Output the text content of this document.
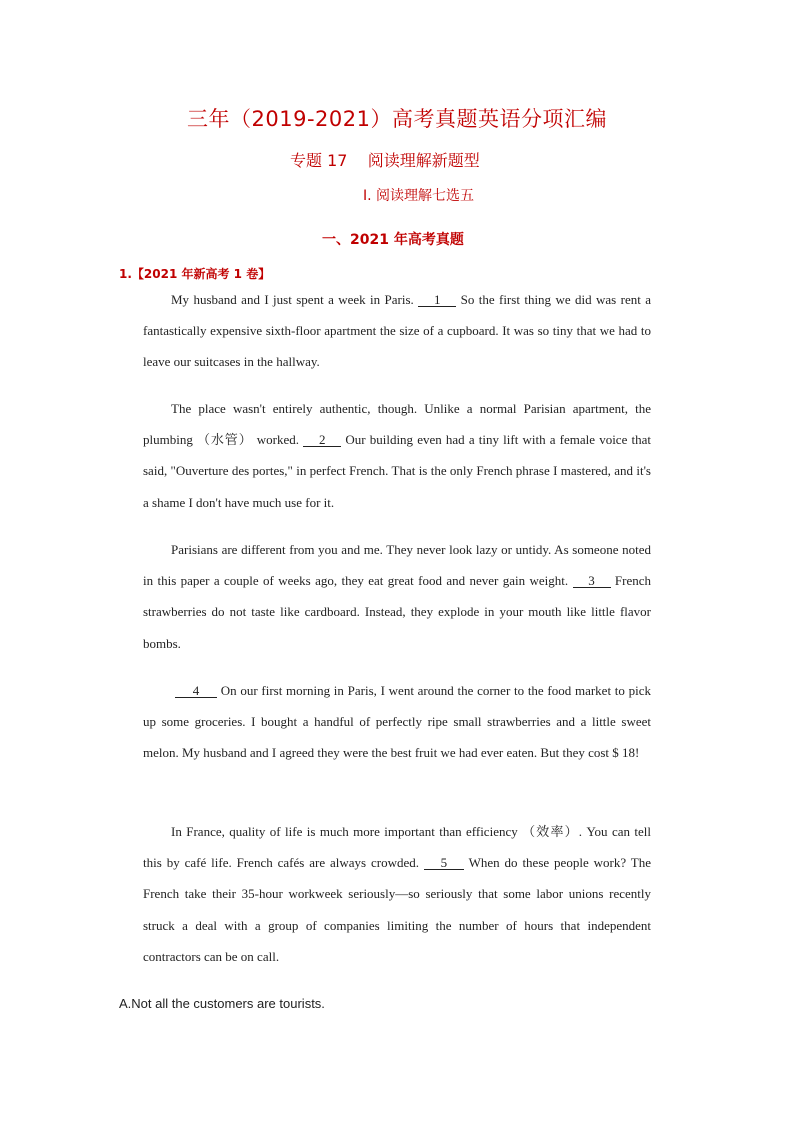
三年（2019-2021）高考真题英语分项汇编
专题 17    阅读理解新题型
I. 阅读理解七选五
一、2021 年高考真题
1.【2021 年新高考 1 卷】

My husband and I just spent a week in Paris. 1 So the first thing we did was rent a fantastically expensive sixth-floor apartment the size of a cupboard. It was so tiny that we had to leave our suitcases in the hallway.

The place wasn't entirely authentic, though. Unlike a normal Parisian apartment, the plumbing （水管） worked. 2 Our building even had a tiny lift with a female voice that said, "Ouverture des portes," in perfect French. That is the only French phrase I mastered, and it's a shame I don't have much use for it.

Parisians are different from you and me. They never look lazy or untidy. As someone noted in this paper a couple of weeks ago, they eat great food and never gain weight. 3 French strawberries do not taste like cardboard. Instead, they explode in your mouth like little flavor bombs.

4 On our first morning in Paris, I went around the corner to the food market to pick up some groceries. I bought a handful of perfectly ripe small strawberries and a little sweet melon. My husband and I agreed they were the best fruit we had ever eaten. But they cost $ 18!

In France, quality of life is much more important than efficiency （效率）. You can tell this by café life. French cafés are always crowded. 5 When do these people work? The French take their 35-hour workweek seriously—so seriously that some labor unions recently struck a deal with a group of companies limiting the number of hours that independent contractors can be on call.

A.Not all the customers are tourists.
